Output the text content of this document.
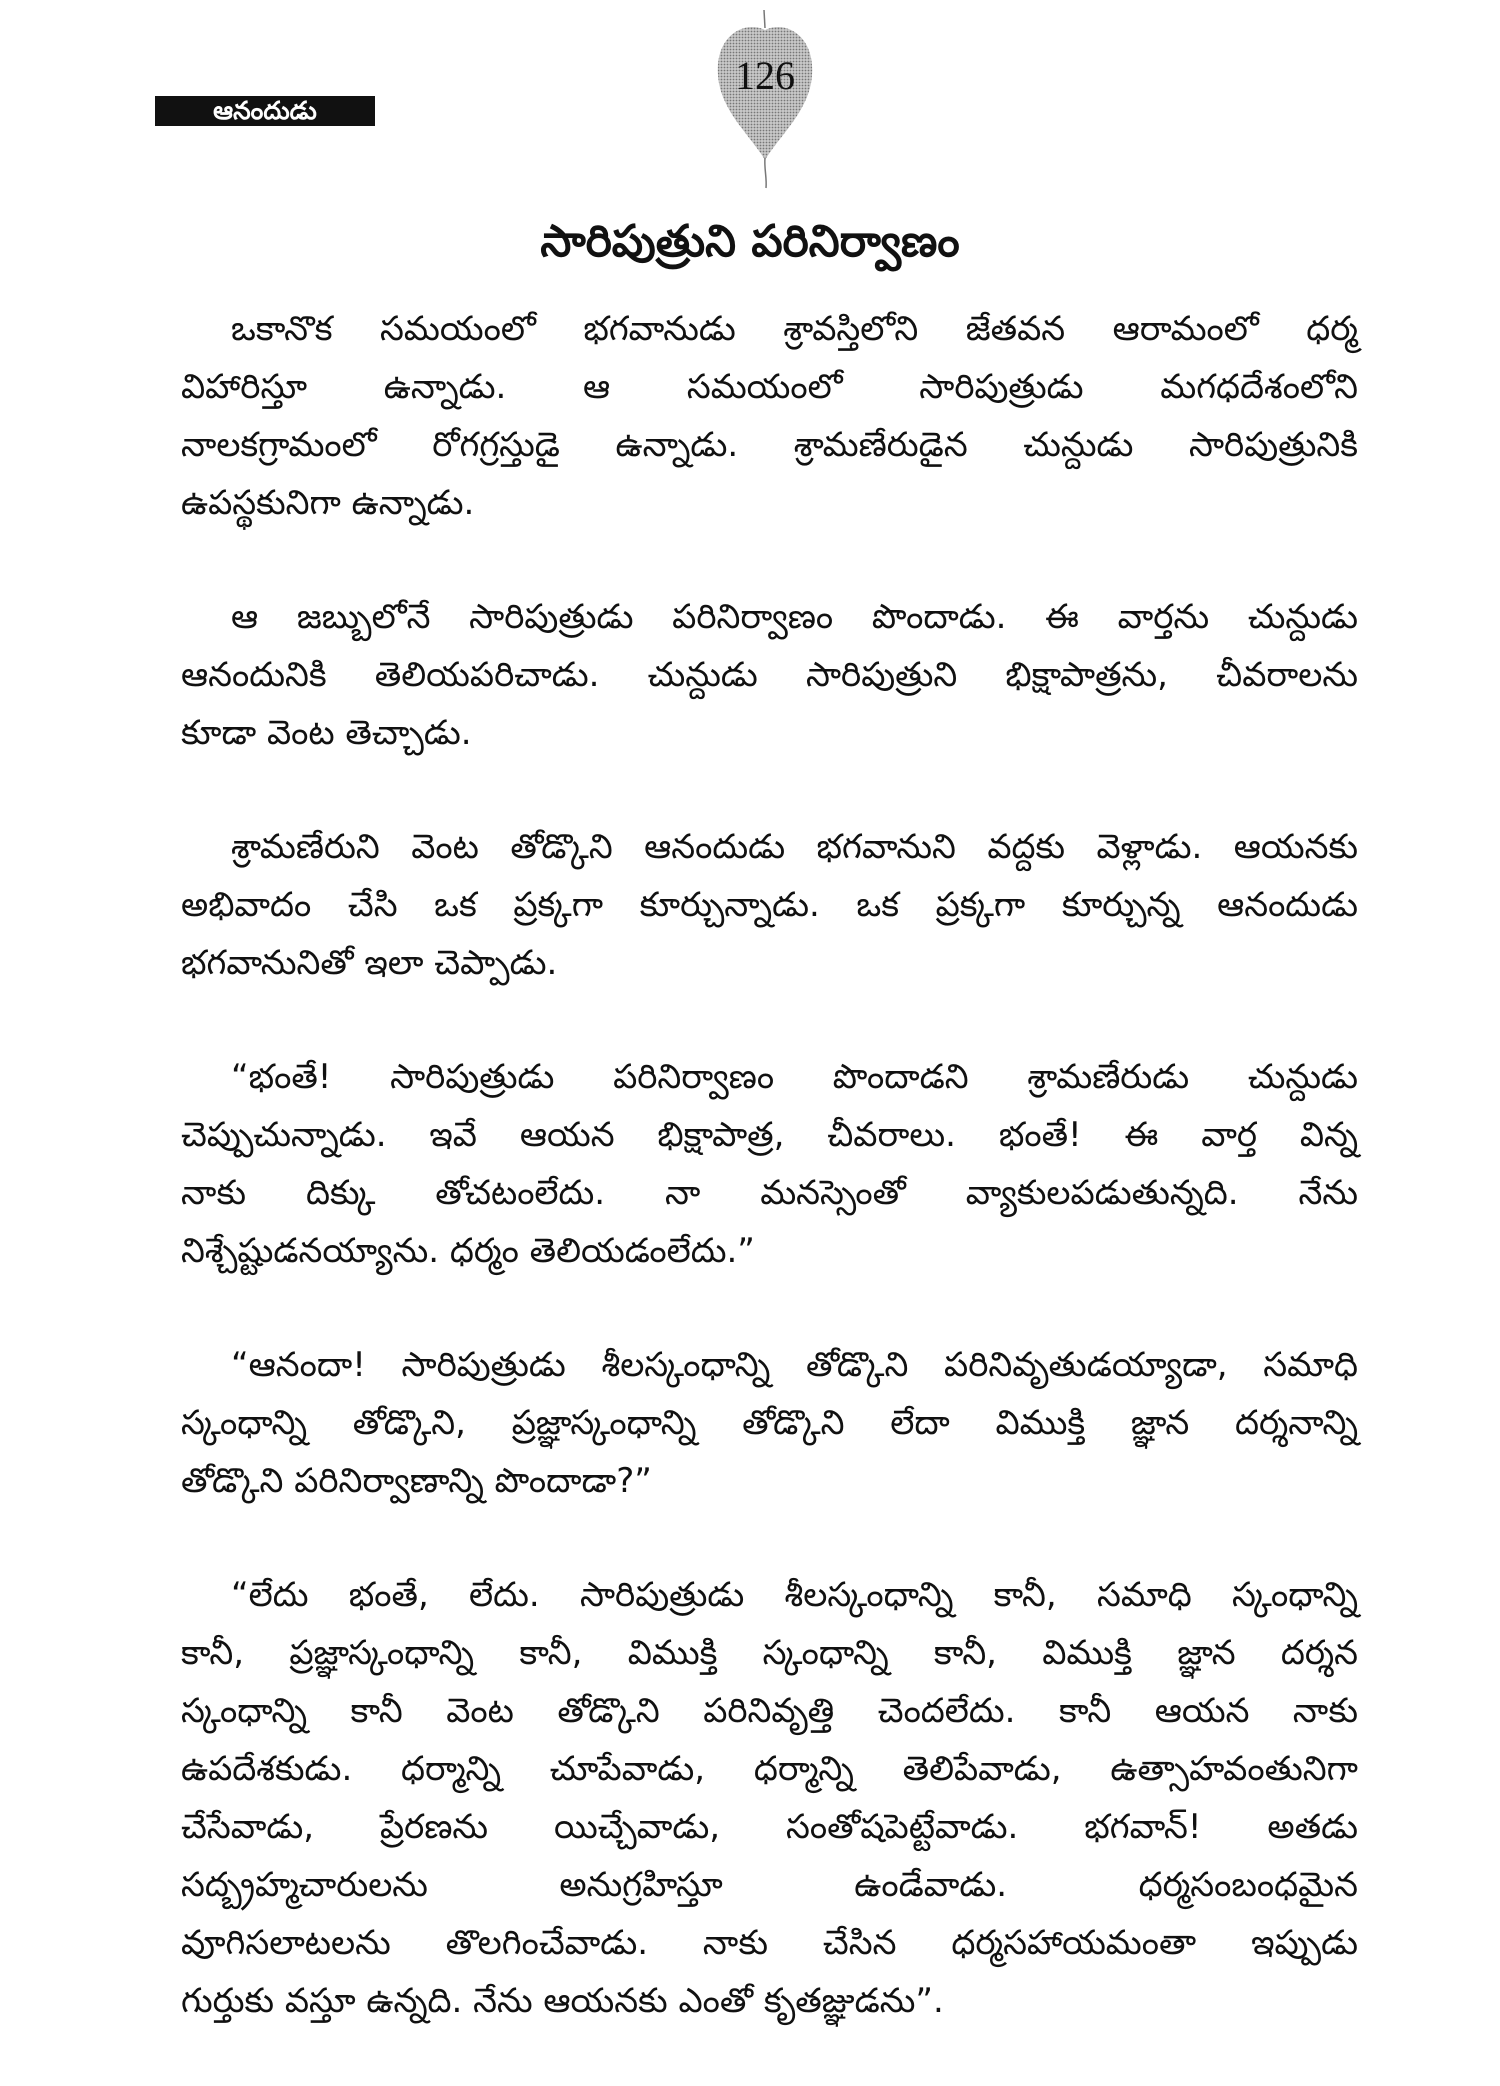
ఆనందుడు
126
సారిపుత్రుని పరినిర్వాణం
ఒకానొక సమయంలో భగవానుడు శ్రావస్తిలోని జేతవన ఆరామంలో ధర్మ
విహారిస్తూ ఉన్నాడు. ఆ సమయంలో సారిపుత్రుడు మగధదేశంలోని
నాలకగ్రామంలో రోగగ్రస్తుడై ఉన్నాడు. శ్రామణేరుడైన చున్దుడు సారిపుత్రునికి
ఉపస్థకునిగా ఉన్నాడు.
ఆ జబ్బులోనే సారిపుత్రుడు పరినిర్వాణం పొందాడు. ఈ వార్తను చున్దుడు
ఆనందునికి తెలియపరిచాడు. చున్దుడు సారిపుత్రుని భిక్షాపాత్రను, చీవరాలను
కూడా వెంట తెచ్చాడు.
శ్రామణేరుని వెంట తోడ్కొని ఆనందుడు భగవానుని వద్దకు వెళ్లాడు. ఆయనకు
అభివాదం చేసి ఒక ప్రక్కగా కూర్చున్నాడు. ఒక ప్రక్కగా కూర్చున్న ఆనందుడు
భగవానునితో ఇలా చెప్పాడు.
“భంతే! సారిపుత్రుడు పరినిర్వాణం పొందాడని శ్రామణేరుడు చున్దుడు
చెప్పుచున్నాడు. ఇవే ఆయన భిక్షాపాత్ర, చీవరాలు. భంతే! ఈ వార్త విన్న
నాకు దిక్కు తోచటంలేదు. నా మనస్సెంతో వ్యాకులపడుతున్నది. నేను
నిశ్చేష్టుడనయ్యాను. ధర్మం తెలియడంలేదు.”
“ఆనందా! సారిపుత్రుడు శీలస్కంధాన్ని తోడ్కొని పరినివృతుడయ్యాడా, సమాధి
స్కంధాన్ని తోడ్కొని, ప్రజ్ఞాస్కంధాన్ని తోడ్కొని లేదా విముక్తి జ్ఞాన దర్శనాన్ని
తోడ్కొని పరినిర్వాణాన్ని పొందాడా?”
“లేదు భంతే, లేదు. సారిపుత్రుడు శీలస్కంధాన్ని కానీ, సమాధి స్కంధాన్ని
కానీ, ప్రజ్ఞాస్కంధాన్ని కానీ, విముక్తి స్కంధాన్ని కానీ, విముక్తి జ్ఞాన దర్శన
స్కంధాన్ని కానీ వెంట తోడ్కొని పరినివృత్తి చెందలేదు. కానీ ఆయన నాకు
ఉపదేశకుడు. ధర్మాన్ని చూపేవాడు, ధర్మాన్ని తెలిపేవాడు, ఉత్సాహవంతునిగా
చేసేవాడు, ప్రేరణను యిచ్చేవాడు, సంతోషపెట్టేవాడు. భగవాన్! అతడు
సద్బ్రహ్మచారులను అనుగ్రహిస్తూ ఉండేవాడు. ధర్మసంబంధమైన
వూగిసలాటలను తొలగించేవాడు. నాకు చేసిన ధర్మసహాయమంతా ఇప్పుడు
గుర్తుకు వస్తూ ఉన్నది. నేను ఆయనకు ఎంతో కృతజ్ఞుడను”.
